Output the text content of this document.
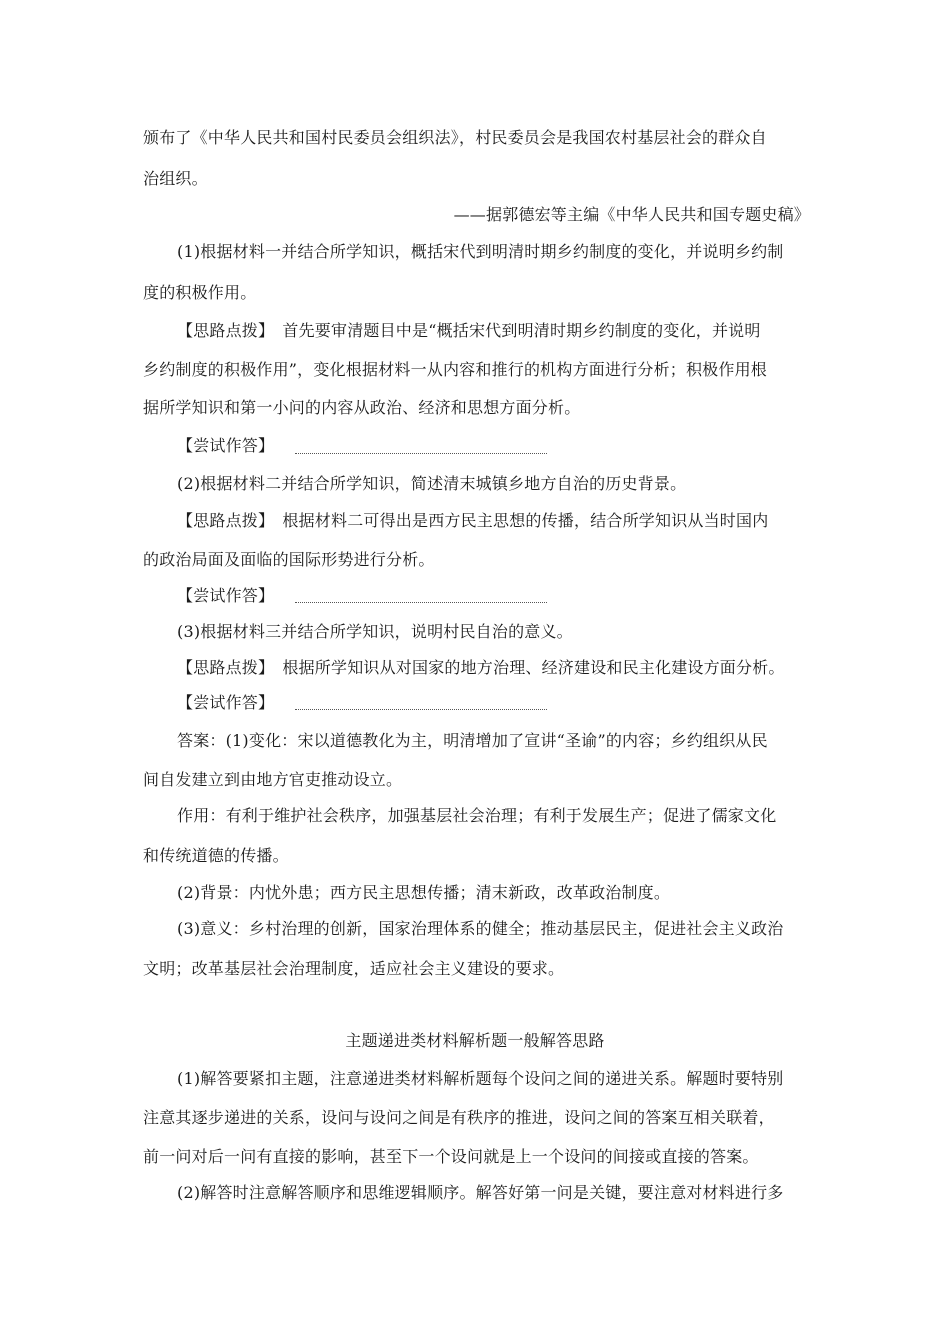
颁布了《中华人民共和国村民委员会组织法》，村民委员会是我国农村基层社会的群众自
治组织。
——据郭德宏等主编《中华人民共和国专题史稿》
(1)根据材料一并结合所学知识，概括宋代到明清时期乡约制度的变化，并说明乡约制
度的积极作用。
【思路点拨】　首先要审清题目中是“概括宋代到明清时期乡约制度的变化，并说明
乡约制度的积极作用”，变化根据材料一从内容和推行的机构方面进行分析；积极作用根
据所学知识和第一小问的内容从政治、经济和思想方面分析。
【尝试作答】
(2)根据材料二并结合所学知识，简述清末城镇乡地方自治的历史背景。
【思路点拨】　根据材料二可得出是西方民主思想的传播，结合所学知识从当时国内
的政治局面及面临的国际形势进行分析。
【尝试作答】
(3)根据材料三并结合所学知识，说明村民自治的意义。
【思路点拨】　根据所学知识从对国家的地方治理、经济建设和民主化建设方面分析。
【尝试作答】
答案：(1)变化：宋以道德教化为主，明清增加了宣讲“圣谕”的内容；乡约组织从民
间自发建立到由地方官吏推动设立。
作用：有利于维护社会秩序，加强基层社会治理；有利于发展生产；促进了儒家文化
和传统道德的传播。
(2)背景：内忧外患；西方民主思想传播；清末新政，改革政治制度。
(3)意义：乡村治理的创新，国家治理体系的健全；推动基层民主，促进社会主义政治
文明；改革基层社会治理制度，适应社会主义建设的要求。
主题递进类材料解析题一般解答思路
(1)解答要紧扣主题，注意递进类材料解析题每个设问之间的递进关系。解题时要特别
注意其逐步递进的关系，设问与设问之间是有秩序的推进，设问之间的答案互相关联着，
前一问对后一问有直接的影响，甚至下一个设问就是上一个设问的间接或直接的答案。
(2)解答时注意解答顺序和思维逻辑顺序。解答好第一问是关键，要注意对材料进行多
